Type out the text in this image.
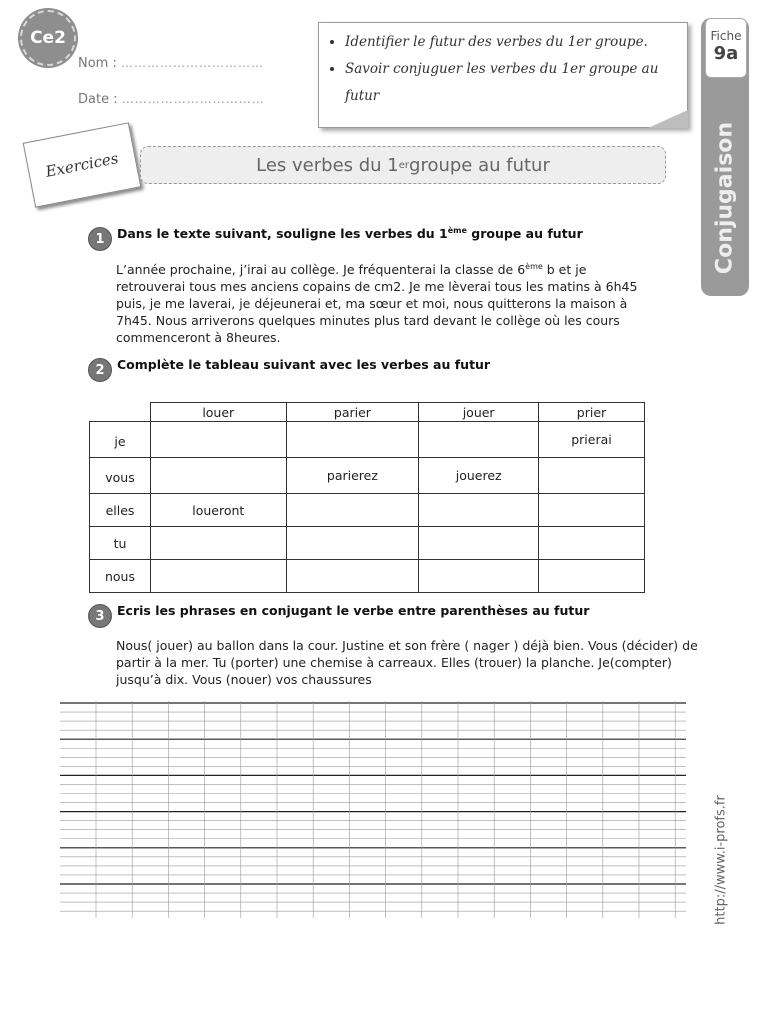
Ce2
Nom : ……………………………
Date : ……………………………
• Identifier le futur des verbes du 1er groupe.
• Savoir conjuguer les verbes du 1er groupe au futur
Fiche
9a
Conjugaison
Exercices	Les verbes du 1 er groupe au futur
1 Dans le texte suivant, souligne les verbes du 1ème groupe au futur
L’année prochaine, j’irai au collège. Je fréquenterai la classe de 6ème b et je retrouverai tous mes anciens copains de cm2. Je me lèverai tous les matins à 6h45 puis, je me laverai, je déjeunerai et, ma sœur et moi, nous quitterons la maison à 7h45. Nous arriverons quelques minutes plus tard devant le collège où les cours commenceront à 8heures.
2 Complète le tableau suivant avec les verbes au futur
	louer	parier	jouer	prier
je				prierai
vous		parierez	jouerez	
elles	loueront			
tu				
nous				
3 Ecris les phrases en conjugant le verbe entre parenthèses au futur
Nous( jouer) au ballon dans la cour. Justine et son frère ( nager ) déjà bien. Vous (décider) de partir à la mer. Tu (porter) une chemise à carreaux. Elles (trouer) la planche. Je(compter) jusqu’à dix. Vous (nouer) vos chaussures
http://www.i-profs.fr
